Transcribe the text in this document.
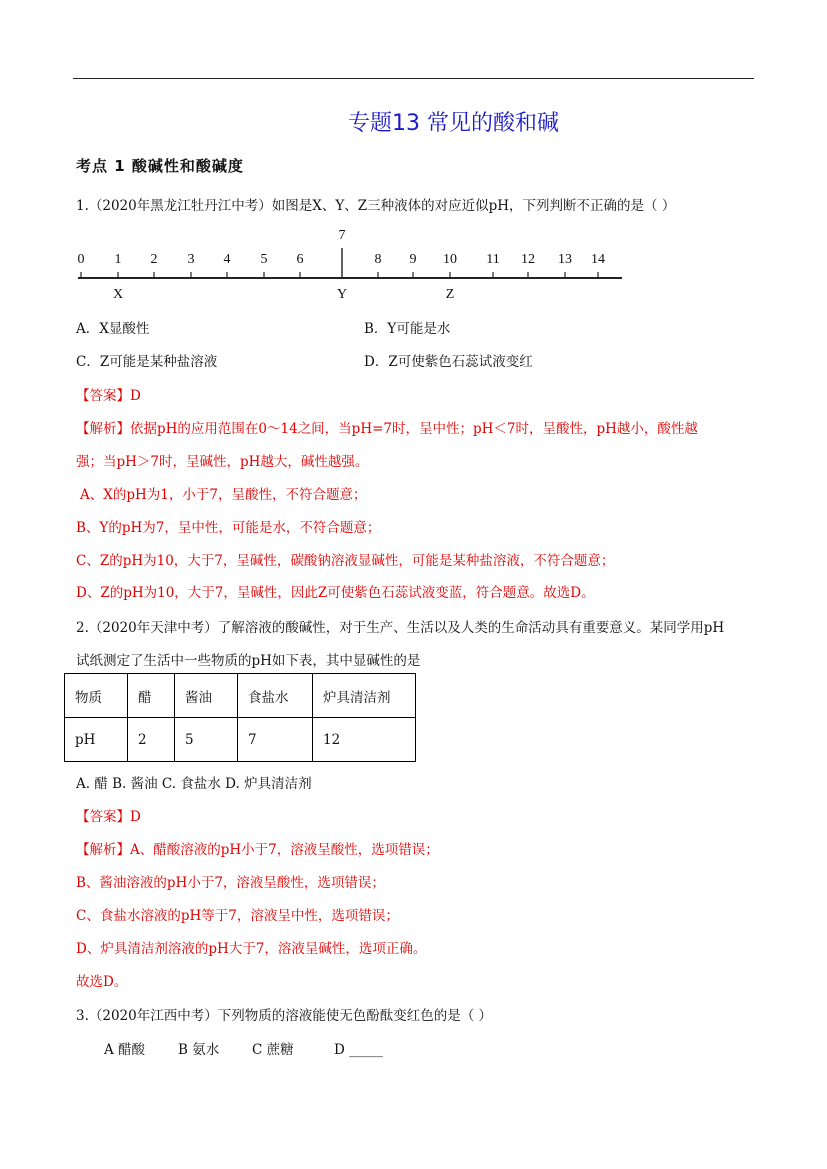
专题13 常见的酸和碱
考点 1 酸碱性和酸碱度
1.（2020年黑龙江牡丹江中考）如图是X、Y、Z三种液体的对应近似pH，下列判断不正确的是（ ）
0 1 2 3 4 5 6
7
8 9 10 11 12 13 14
X	Y	Z
A．X显酸性	B．Y可能是水
C．Z可能是某种盐溶液	D．Z可使紫色石蕊试液变红
【答案】D
【解析】依据pH的应用范围在0～14之间，当pH=7时，呈中性；pH＜7时，呈酸性，pH越小，酸性越
强；当pH＞7时，呈碱性，pH越大，碱性越强。
A、X的pH为1，小于7，呈酸性，不符合题意；
B、Y的pH为7，呈中性，可能是水，不符合题意；
C、Z的pH为10，大于7，呈碱性，碳酸钠溶液显碱性，可能是某种盐溶液，不符合题意；
D、Z的pH为10，大于7，呈碱性，因此Z可使紫色石蕊试液变蓝，符合题意。故选D。
2.（2020年天津中考）了解溶液的酸碱性，对于生产、生活以及人类的生命活动具有重要意义。某同学用pH
试纸测定了生活中一些物质的pH如下表，其中显碱性的是
物质	醋	酱油	食盐水	炉具清洁剂
pH	2	5	7	12
A. 醋 B. 酱油 C. 食盐水 D. 炉具清洁剂
【答案】D
【解析】A、醋酸溶液的pH小于7，溶液呈酸性，选项错误；
B、酱油溶液的pH小于7，溶液呈酸性，选项错误；
C、食盐水溶液的pH等于7，溶液呈中性，选项错误；
D、炉具清洁剂溶液的pH大于7，溶液呈碱性，选项正确。
故选D。
3.（2020年江西中考）下列物质的溶液能使无色酚酞变红色的是（ ）
A 醋酸 B 氨水 C 蔗糖	D _____
